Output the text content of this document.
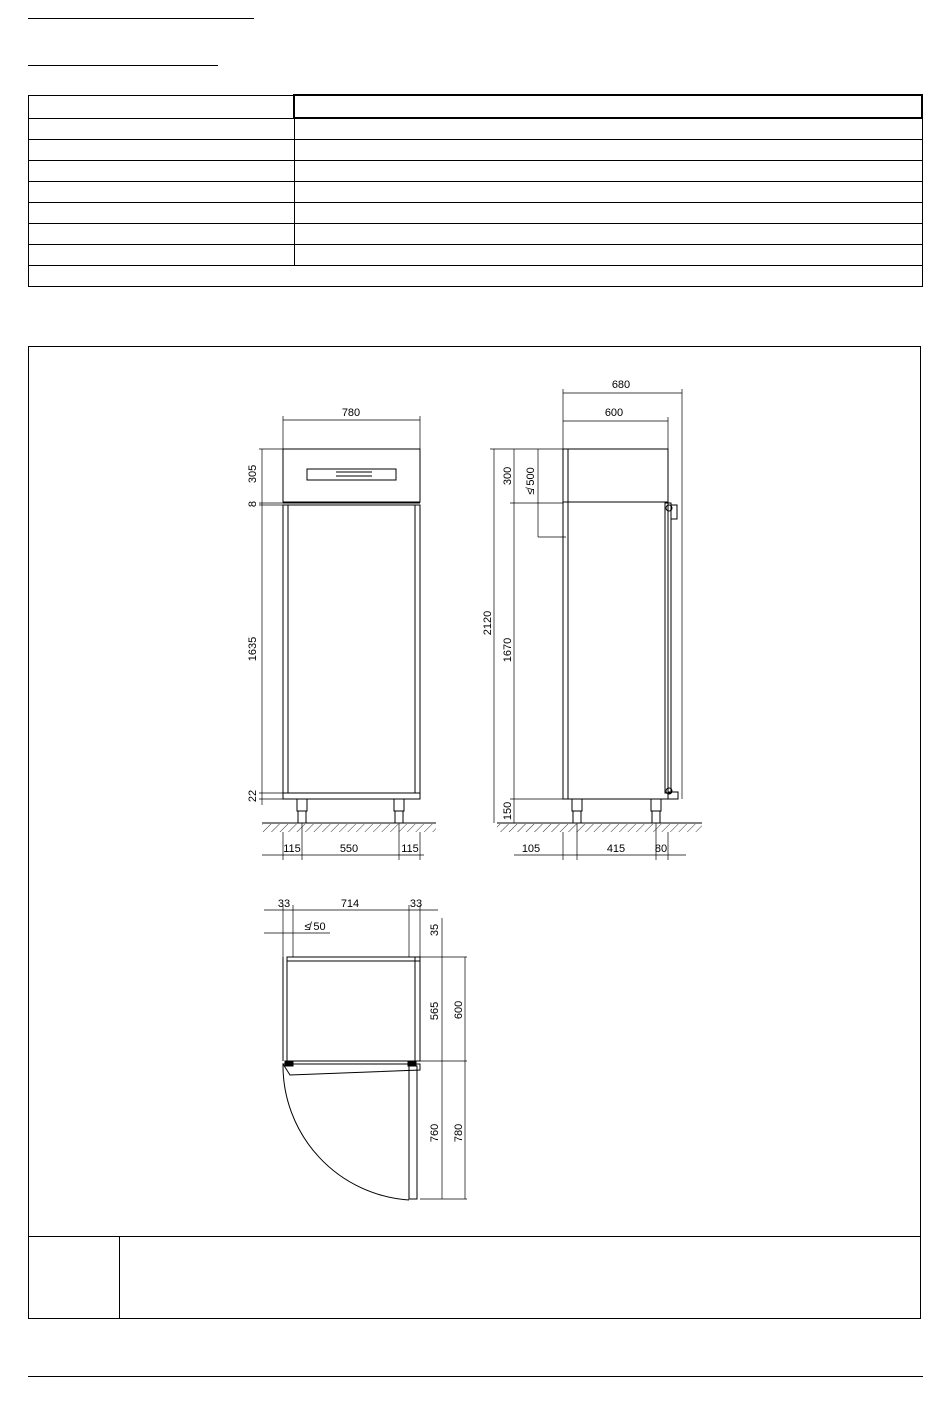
780
305
8
1635
22
115	550	115
680
600
2120
300
≰ 500
1670
150
105	415	80
33	714	33
≰ 50	35
565 600
760 780
